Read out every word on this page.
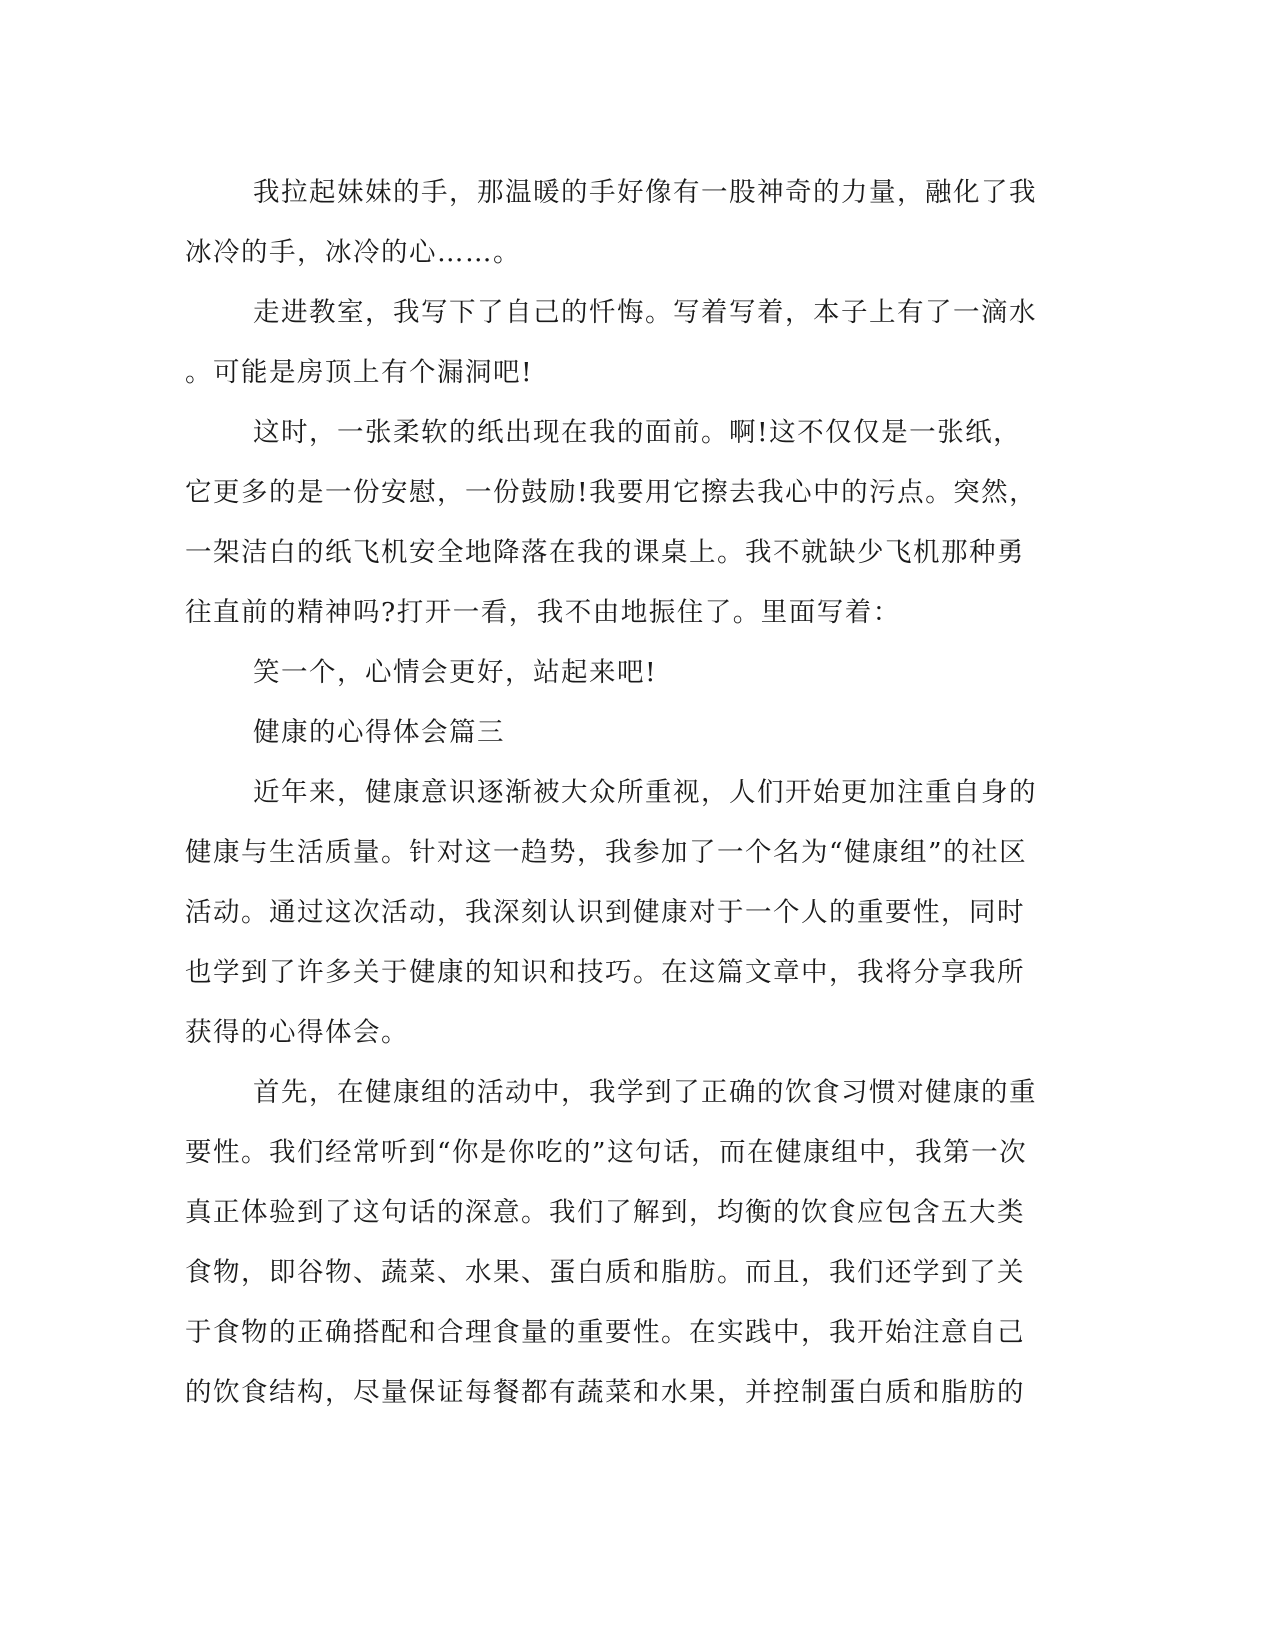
我拉起妹妹的手，那温暖的手好像有一股神奇的力量，融化了我
冰冷的手，冰冷的心……。

走进教室，我写下了自己的忏悔。写着写着，本子上有了一滴水
。可能是房顶上有个漏洞吧!

这时，一张柔软的纸出现在我的面前。啊!这不仅仅是一张纸，
它更多的是一份安慰，一份鼓励!我要用它擦去我心中的污点。突然，
一架洁白的纸飞机安全地降落在我的课桌上。我不就缺少飞机那种勇
往直前的精神吗?打开一看，我不由地振住了。里面写着：

笑一个，心情会更好，站起来吧!

健康的心得体会篇三

近年来，健康意识逐渐被大众所重视，人们开始更加注重自身的
健康与生活质量。针对这一趋势，我参加了一个名为“健康组”的社区
活动。通过这次活动，我深刻认识到健康对于一个人的重要性，同时
也学到了许多关于健康的知识和技巧。在这篇文章中，我将分享我所
获得的心得体会。

首先，在健康组的活动中，我学到了正确的饮食习惯对健康的重
要性。我们经常听到“你是你吃的”这句话，而在健康组中，我第一次
真正体验到了这句话的深意。我们了解到，均衡的饮食应包含五大类
食物，即谷物、蔬菜、水果、蛋白质和脂肪。而且，我们还学到了关
于食物的正确搭配和合理食量的重要性。在实践中，我开始注意自己
的饮食结构，尽量保证每餐都有蔬菜和水果，并控制蛋白质和脂肪的
